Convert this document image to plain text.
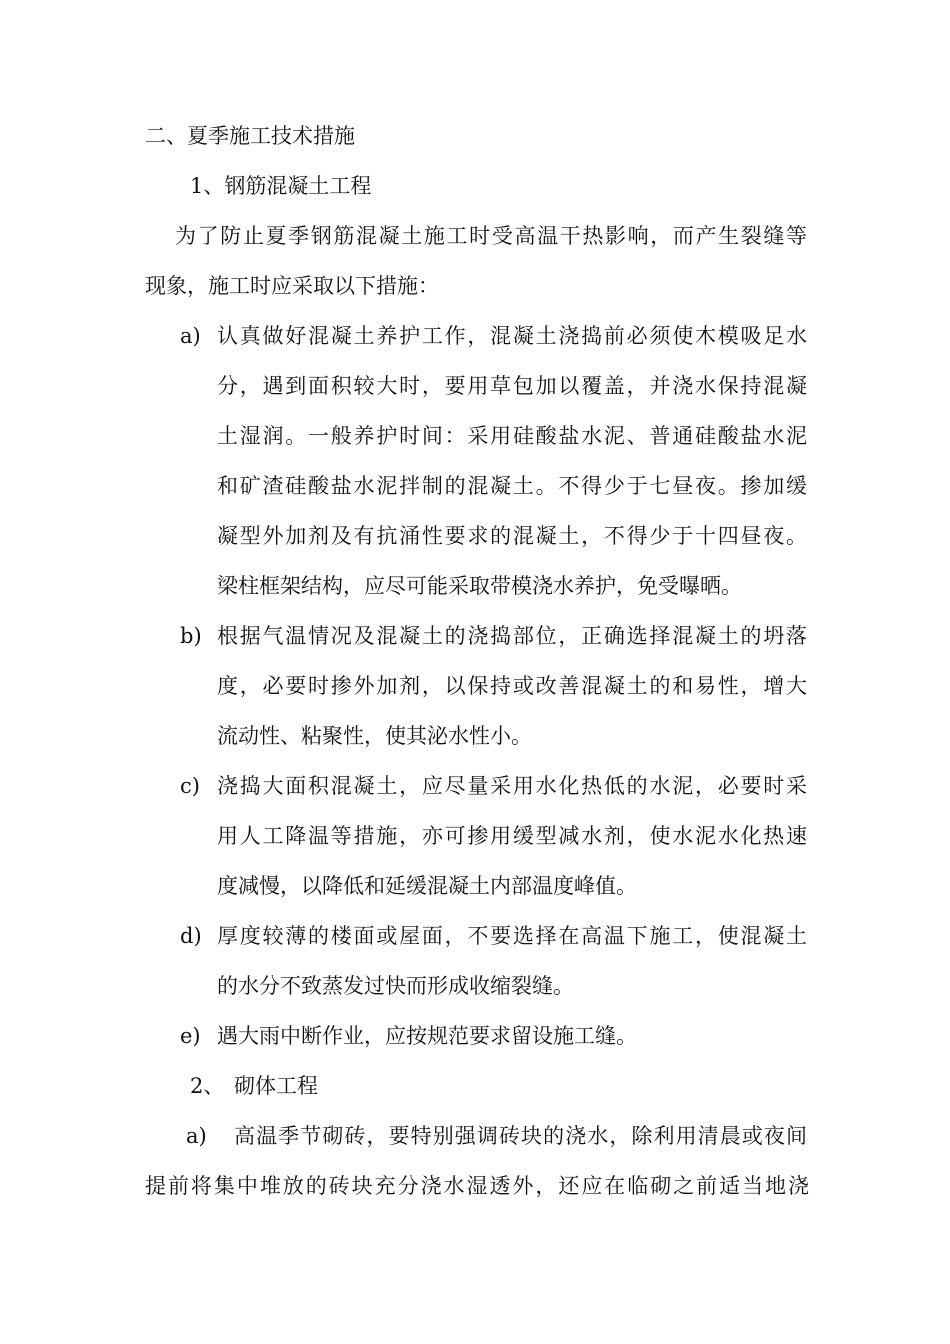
二、夏季施工技术措施
1、钢筋混凝土工程
为了防止夏季钢筋混凝土施工时受高温干热影响，而产生裂缝等
现象，施工时应采取以下措施：
a) 认真做好混凝土养护工作，混凝土浇捣前必须使木模吸足水
分，遇到面积较大时，要用草包加以覆盖，并浇水保持混凝
土湿润。一般养护时间：采用硅酸盐水泥、普通硅酸盐水泥
和矿渣硅酸盐水泥拌制的混凝土。不得少于七昼夜。掺加缓
凝型外加剂及有抗涌性要求的混凝土，不得少于十四昼夜。
梁柱框架结构，应尽可能采取带模浇水养护，免受曝晒。
b) 根据气温情况及混凝土的浇捣部位，正确选择混凝土的坍落
度，必要时掺外加剂，以保持或改善混凝土的和易性，增大
流动性、粘聚性，使其泌水性小。
c) 浇捣大面积混凝土，应尽量采用水化热低的水泥，必要时采
用人工降温等措施，亦可掺用缓型减水剂，使水泥水化热速
度减慢，以降低和延缓混凝土内部温度峰值。
d) 厚度较薄的楼面或屋面，不要选择在高温下施工，使混凝土
的水分不致蒸发过快而形成收缩裂缝。
e) 遇大雨中断作业，应按规范要求留设施工缝。
2、 砌体工程
a) 高温季节砌砖，要特别强调砖块的浇水，除利用清晨或夜间
提前将集中堆放的砖块充分浇水湿透外，还应在临砌之前适当地浇
